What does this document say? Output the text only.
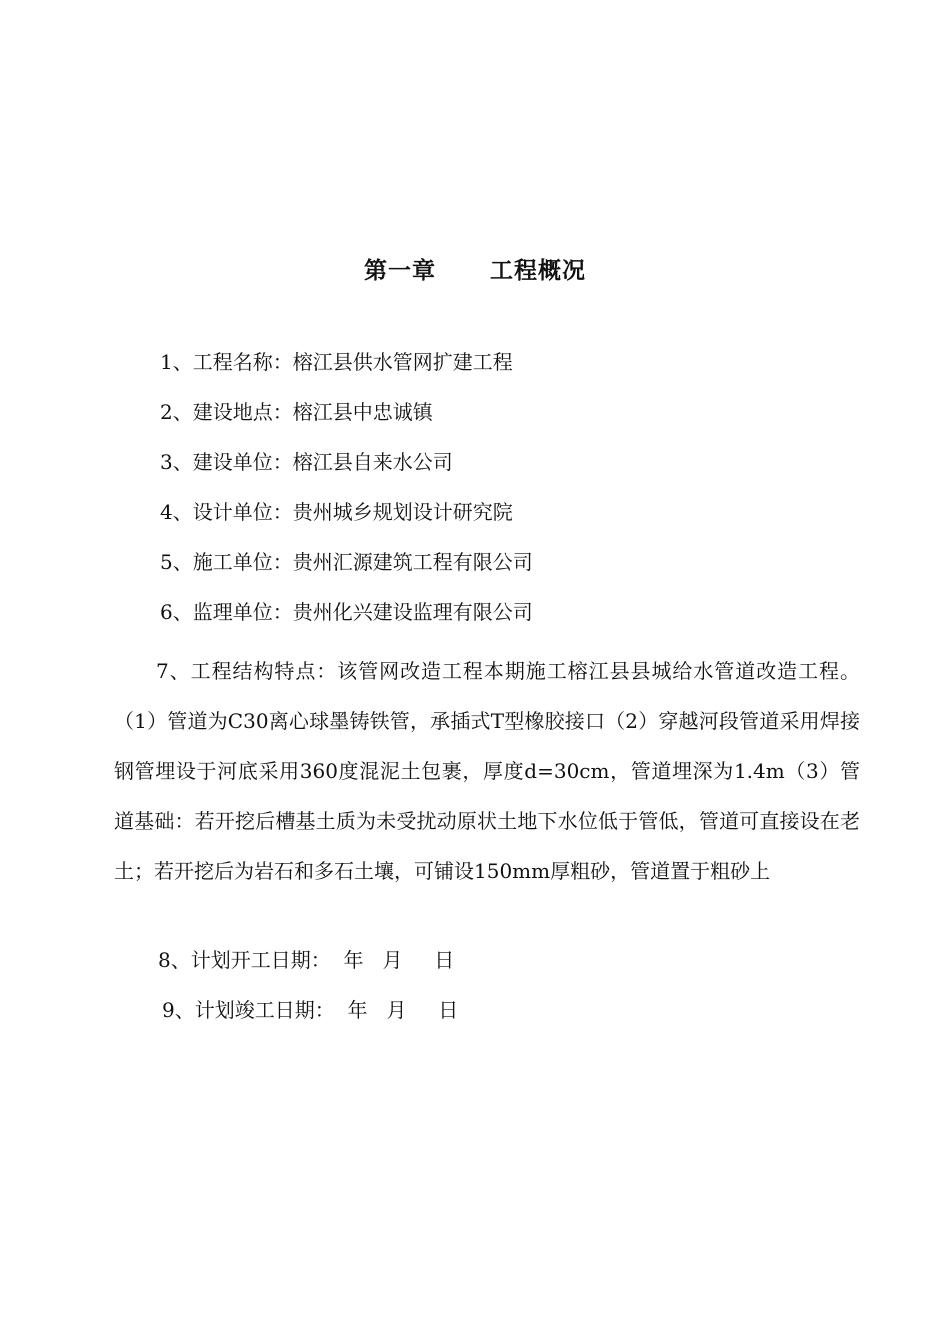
第一章      工程概况
1、工程名称：榕江县供水管网扩建工程
2、建设地点：榕江县中忠诚镇
3、建设单位：榕江县自来水公司
4、设计单位：贵州城乡规划设计研究院
5、施工单位：贵州汇源建筑工程有限公司
6、监理单位：贵州化兴建设监理有限公司

7、工程结构特点：该管网改造工程本期施工榕江县县城给水管道改造工程。（1）管道为C30离心球墨铸铁管，承插式T型橡胶接口（2）穿越河段管道采用焊接钢管埋设于河底采用360度混泥土包裹，厚度d=30cm，管道埋深为1.4m（3）管道基础：若开挖后槽基土质为未受扰动原状土地下水位低于管低，管道可直接设在老土；若开挖后为岩石和多石土壤，可铺设150mm厚粗砂，管道置于粗砂上

8、计划开工日期：  年   月     日
9、计划竣工日期：  年   月     日
